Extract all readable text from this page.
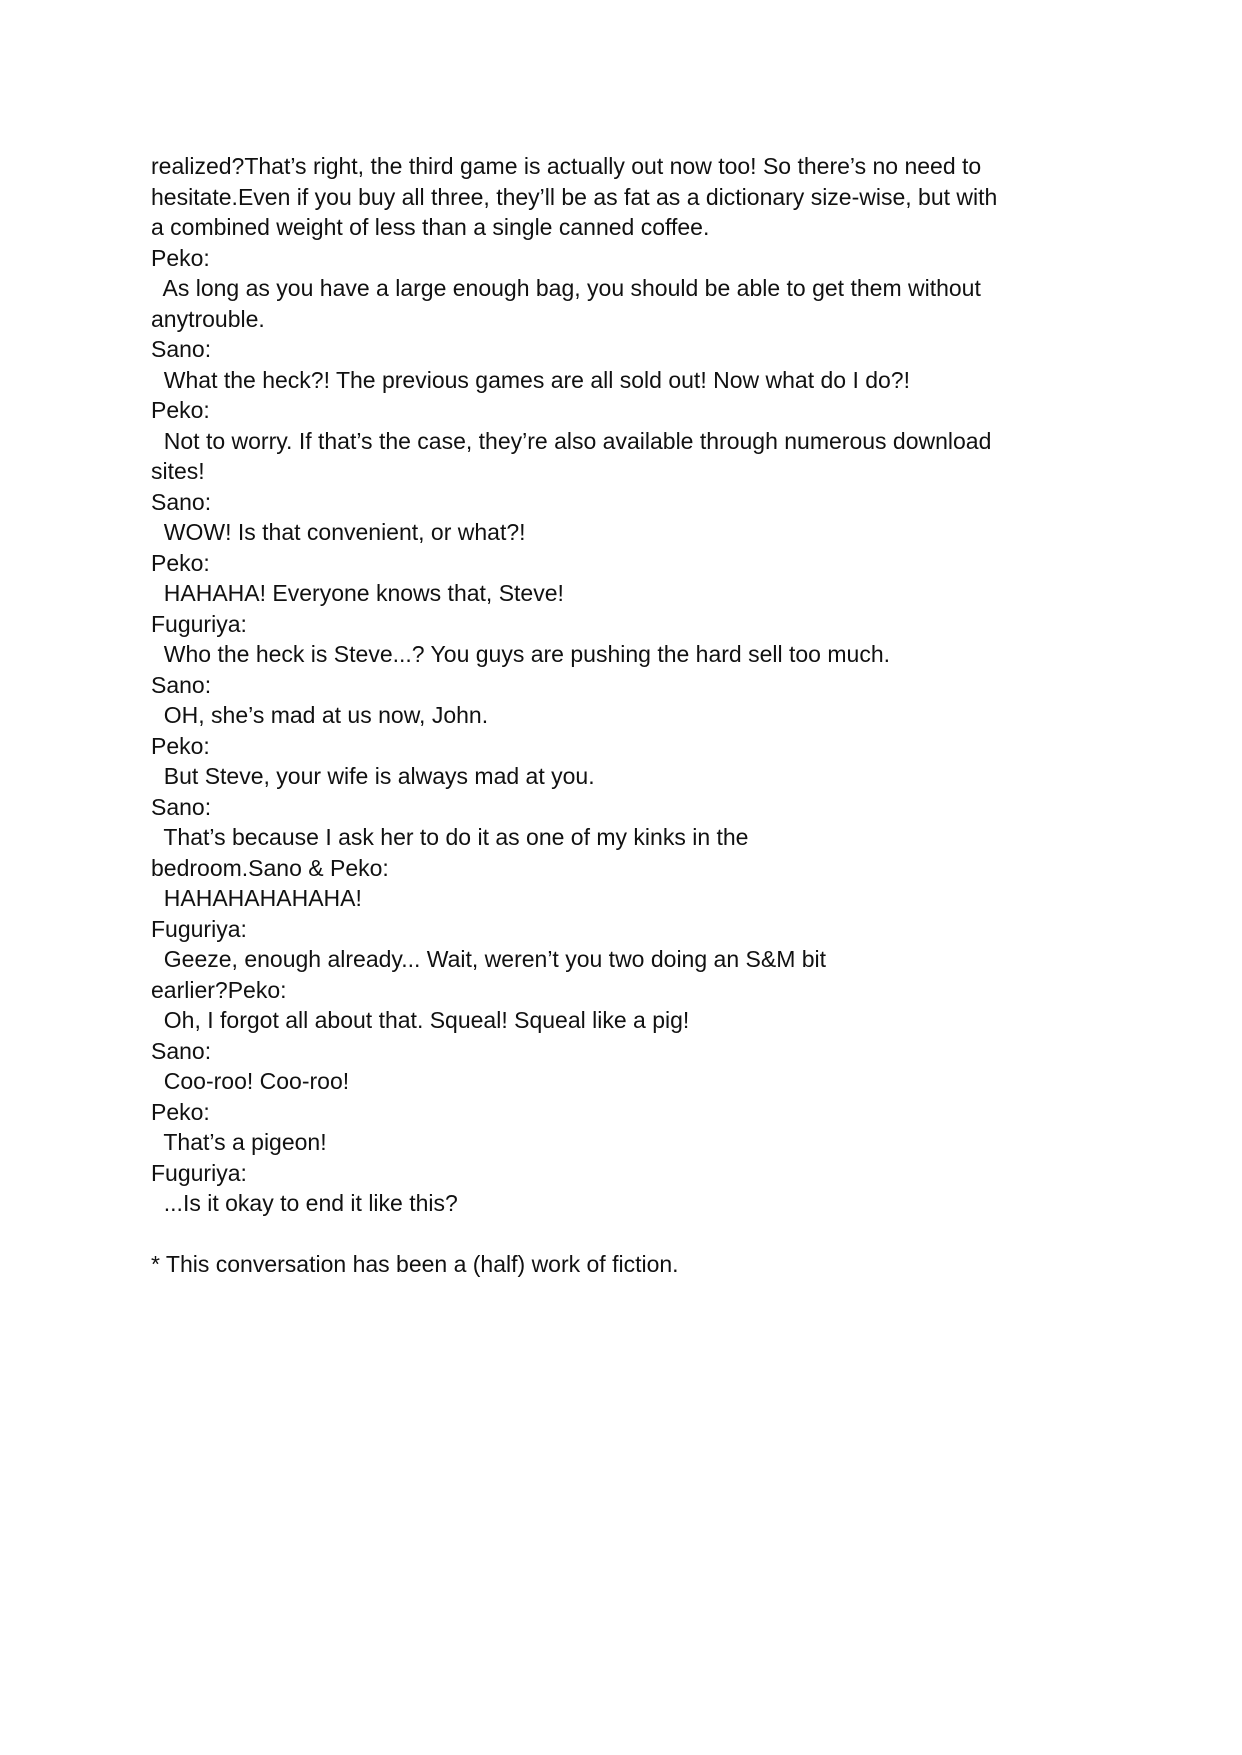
realized?That’s right, the third game is actually out now too! So there’s no need to
hesitate.Even if you buy all three, they’ll be as fat as a dictionary size-wise, but with
a combined weight of less than a single canned coffee.
Peko:
As long as you have a large enough bag, you should be able to get them without
anytrouble.
Sano:
What the heck?! The previous games are all sold out! Now what do I do?!
Peko:
Not to worry. If that’s the case, they’re also available through numerous download
sites!
Sano:
WOW! Is that convenient, or what?!
Peko:
HAHAHA! Everyone knows that, Steve!
Fuguriya:
Who the heck is Steve...? You guys are pushing the hard sell too much.
Sano:
OH, she’s mad at us now, John.
Peko:
But Steve, your wife is always mad at you.
Sano:
That’s because I ask her to do it as one of my kinks in the
bedroom.Sano & Peko:
HAHAHAHAHAHA!
Fuguriya:
Geeze, enough already... Wait, weren’t you two doing an S&M bit
earlier?Peko:
Oh, I forgot all about that. Squeal! Squeal like a pig!
Sano:
Coo-roo! Coo-roo!
Peko:
That’s a pigeon!
Fuguriya:
...Is it okay to end it like this?
* This conversation has been a (half) work of fiction.
